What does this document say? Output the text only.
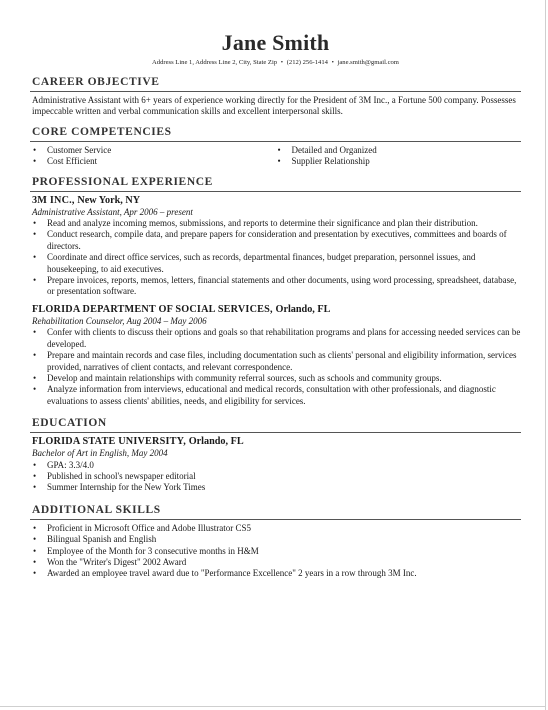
Jane Smith
Address Line 1, Address Line 2, City, State Zip • (212) 256-1414 • jane.smith@gmail.com
CAREER OBJECTIVE
Administrative Assistant with 6+ years of experience working directly for the President of 3M Inc., a Fortune 500 company. Possesses impeccable written and verbal communication skills and excellent interpersonal skills.
CORE COMPETENCIES
• Customer Service
• Cost Efficient
• Detailed and Organized
• Supplier Relationship
PROFESSIONAL EXPERIENCE
3M INC., New York, NY
Administrative Assistant, Apr 2006 – present
• Read and analyze incoming memos, submissions, and reports to determine their significance and plan their distribution.
• Conduct research, compile data, and prepare papers for consideration and presentation by executives, committees and boards of directors.
• Coordinate and direct office services, such as records, departmental finances, budget preparation, personnel issues, and housekeeping, to aid executives.
• Prepare invoices, reports, memos, letters, financial statements and other documents, using word processing, spreadsheet, database, or presentation software.
FLORIDA DEPARTMENT OF SOCIAL SERVICES, Orlando, FL
Rehabilitation Counselor, Aug 2004 – May 2006
• Confer with clients to discuss their options and goals so that rehabilitation programs and plans for accessing needed services can be developed.
• Prepare and maintain records and case files, including documentation such as clients' personal and eligibility information, services provided, narratives of client contacts, and relevant correspondence.
• Develop and maintain relationships with community referral sources, such as schools and community groups.
• Analyze information from interviews, educational and medical records, consultation with other professionals, and diagnostic evaluations to assess clients' abilities, needs, and eligibility for services.
EDUCATION
FLORIDA STATE UNIVERSITY, Orlando, FL
Bachelor of Art in English, May 2004
• GPA: 3.3/4.0
• Published in school's newspaper editorial
• Summer Internship for the New York Times
ADDITIONAL SKILLS
• Proficient in Microsoft Office and Adobe Illustrator CS5
• Bilingual Spanish and English
• Employee of the Month for 3 consecutive months in H&M
• Won the "Writer's Digest" 2002 Award
• Awarded an employee travel award due to "Performance Excellence" 2 years in a row through 3M Inc.
